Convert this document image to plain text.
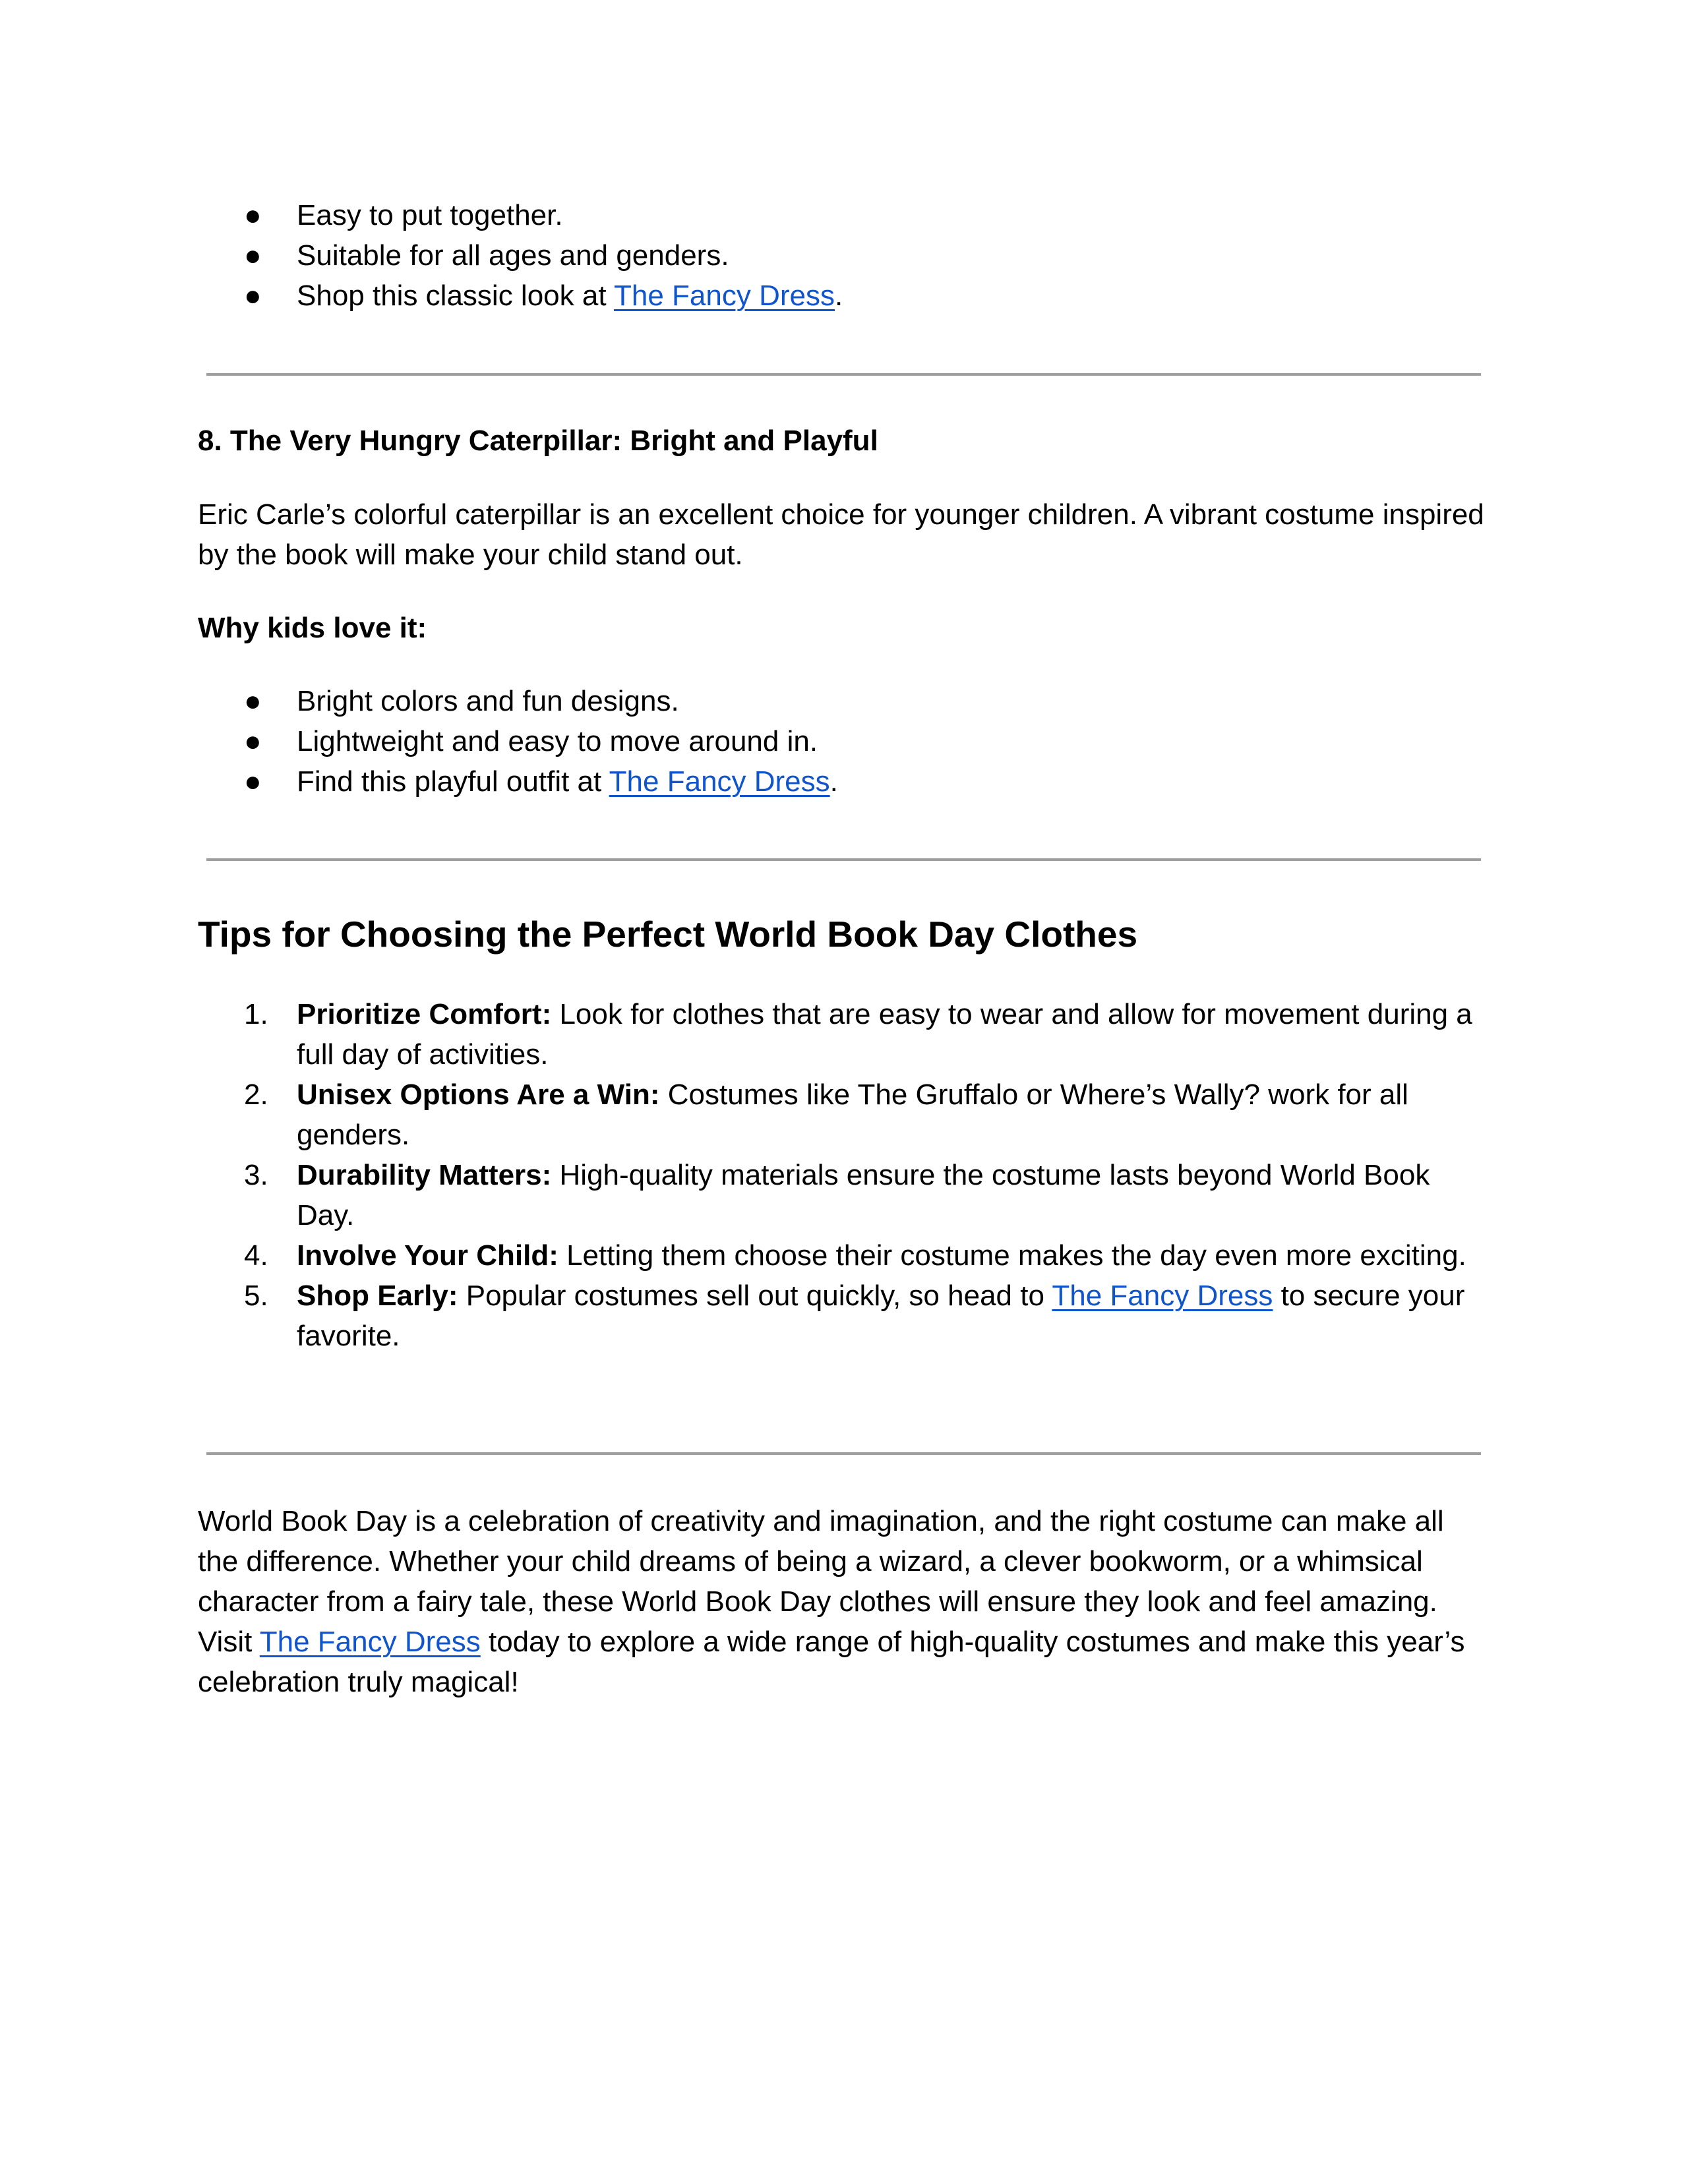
● Easy to put together.
● Suitable for all ages and genders.
● Shop this classic look at The Fancy Dress.
8. The Very Hungry Caterpillar: Bright and Playful

Eric Carle’s colorful caterpillar is an excellent choice for younger children. A vibrant costume inspired by the book will make your child stand out.

Why kids love it:

● Bright colors and fun designs.
● Lightweight and easy to move around in.
● Find this playful outfit at The Fancy Dress.
Tips for Choosing the Perfect World Book Day Clothes
1. Prioritize Comfort: Look for clothes that are easy to wear and allow for movement during a full day of activities.
2. Unisex Options Are a Win: Costumes like The Gruffalo or Where’s Wally? work for all genders.
3. Durability Matters: High-quality materials ensure the costume lasts beyond World Book Day.
4. Involve Your Child: Letting them choose their costume makes the day even more exciting.
5. Shop Early: Popular costumes sell out quickly, so head to The Fancy Dress to secure your favorite.

World Book Day is a celebration of creativity and imagination, and the right costume can make all the difference. Whether your child dreams of being a wizard, a clever bookworm, or a whimsical character from a fairy tale, these World Book Day clothes will ensure they look and feel amazing. Visit The Fancy Dress today to explore a wide range of high-quality costumes and make this year’s celebration truly magical!
